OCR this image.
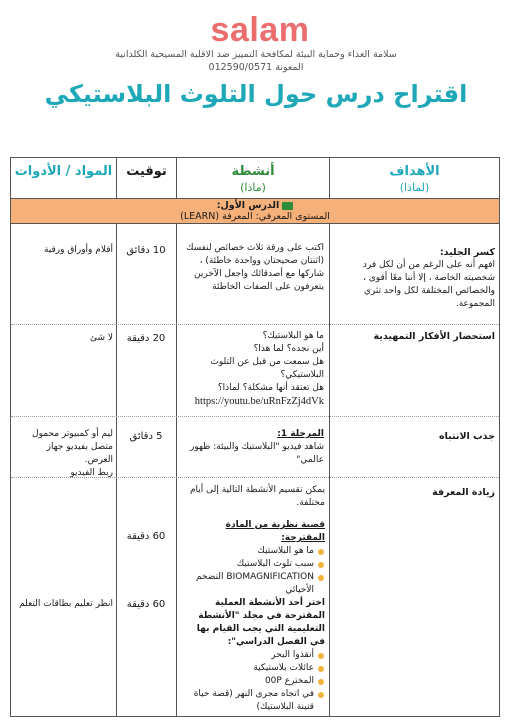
salam
سلامة الغذاء وحماية البيئة لمكافحة التمييز ضد الاقلية المسيحية الكلدانية
المعونة 012590/0571
اقتراح درس حول التلوث البلاستيكي
الأهداف
(لماذا)
أنشطة
(ماذا)
توقيت
المواد / الأدوات
الدرس الأول:
المستوى المعرفي: المعرفة (LEARN)
كسر الجليد:
افهم أنه على الرغم من أن لكل فرد شخصيته الخاصة ، إلا أننا معًا أقوى ، والخصائص المختلفة لكل واحد تثري المجموعة.
اكتب على ورقة ثلاث خصائص لنفسك (اثنتان صحيحتان وواحدة خاطئة) ، شاركها مع أصدقائك واجعل الآخرين يتعرفون على الصفات الخاطئة
10 دقائق
أقلام وأوراق ورقية
استحضار الأفكار التمهيدية
ما هو البلاستيك؟
أين نجده؟ لما هذا؟
هل سمعت من قبل عن التلوث البلاستيكي؟
هل تعتقد أنها مشكلة؟ لماذا؟
https://youtu.be/uRnFzZj4dVk
20 دقيقة
لا شئ
جذب الانتباه
المرحلة 1:
شاهد فيديو "البلاستيك والبيئة: ظهور عالمي"
5 دقائق
ليم أو كمبيوتر محمول
متصل بفيديو جهاز
العرض.
ربط الفيديو
زيادة المعرفة
يمكن تقسيم الأنشطة التالية إلى أيام مختلفة.
قضية نظرية من المادة المقترحة:
ما هو البلاستيك
سبب تلوث البلاستيك
BIOMAGNIFICATION التضخم الأحيائي
اختر أحد الأنشطة العملية المقترحة في مجلد "الأنشطة التعليمية التي يجب القيام بها في الفصل الدراسي":
أنقذوا البحر
عائلات بلاستيكية
المخترع 00P
في اتجاه مجرى النهر (قصة حياة قنينة البلاستيك)
60 دقيقة
60 دقيقة
انظر تعليم بطاقات التعلم
